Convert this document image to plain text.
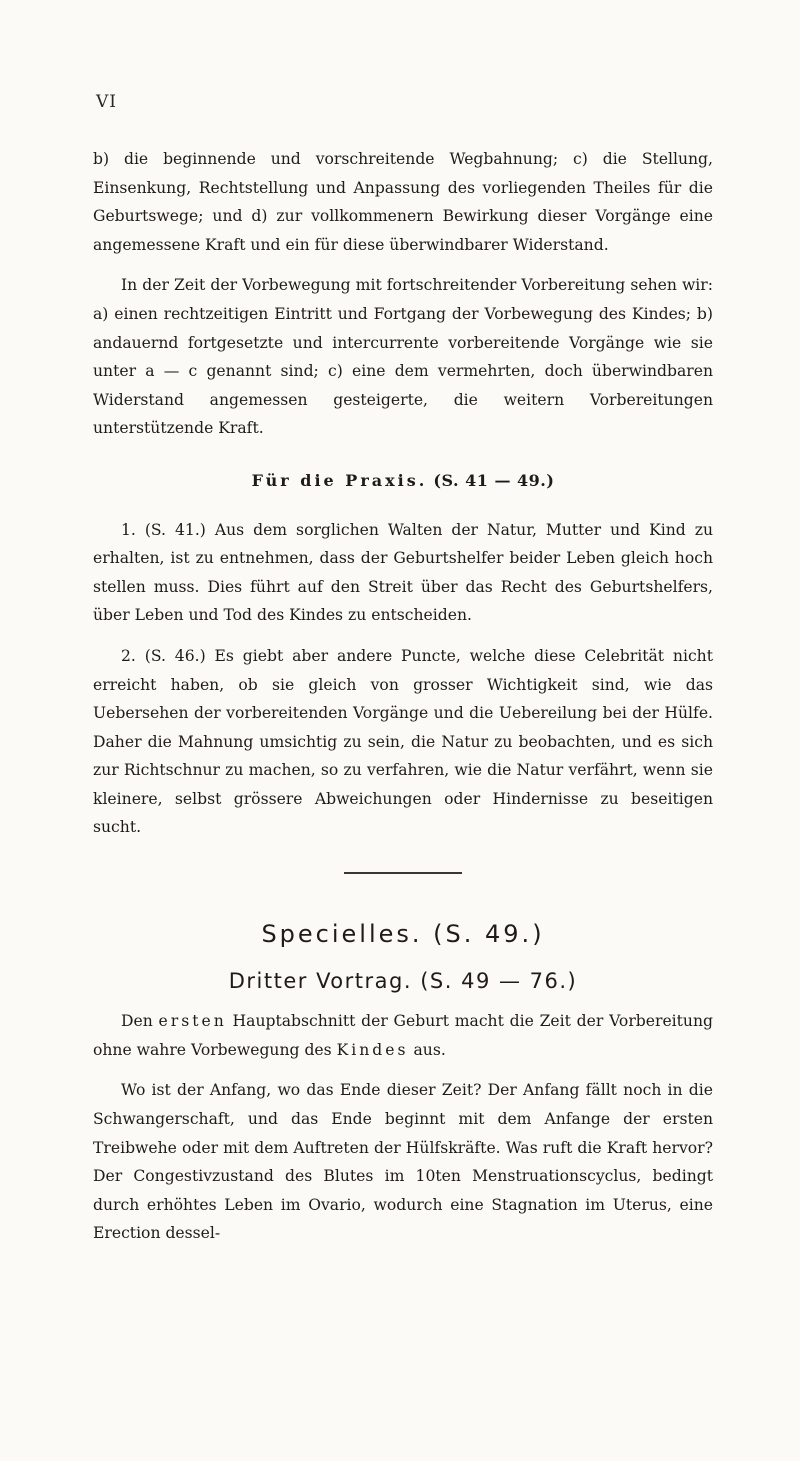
VI

b) die beginnende und vorschreitende Wegbahnung; c) die Stellung, Einsenkung, Rechtstellung und Anpassung des vorliegenden Theiles für die Geburtswege; und d) zur vollkommenern Bewirkung dieser Vorgänge eine angemessene Kraft und ein für diese überwindbarer Widerstand.

In der Zeit der Vorbewegung mit fortschreitender Vorbereitung sehen wir: a) einen rechtzeitigen Eintritt und Fortgang der Vorbewegung des Kindes; b) andauernd fortgesetzte und intercurrente vorbereitende Vorgänge wie sie unter a — c genannt sind; c) eine dem vermehrten, doch überwindbaren Widerstand angemessen gesteigerte, die weitern Vorbereitungen unterstützende Kraft.

Für die Praxis. (S. 41 — 49.)

1. (S. 41.) Aus dem sorglichen Walten der Natur, Mutter und Kind zu erhalten, ist zu entnehmen, dass der Geburtshelfer beider Leben gleich hoch stellen muss. Dies führt auf den Streit über das Recht des Geburtshelfers, über Leben und Tod des Kindes zu entscheiden.

2. (S. 46.) Es giebt aber andere Puncte, welche diese Celebrität nicht erreicht haben, ob sie gleich von grosser Wichtigkeit sind, wie das Uebersehen der vorbereitenden Vorgänge und die Uebereilung bei der Hülfe. Daher die Mahnung umsichtig zu sein, die Natur zu beobachten, und es sich zur Richtschnur zu machen, so zu verfahren, wie die Natur verfährt, wenn sie kleinere, selbst grössere Abweichungen oder Hindernisse zu beseitigen sucht.

Specielles. (S. 49.)
Dritter Vortrag. (S. 49 — 76.)

Den ersten Hauptabschnitt der Geburt macht die Zeit der Vorbereitung ohne wahre Vorbewegung des Kindes aus.

Wo ist der Anfang, wo das Ende dieser Zeit? Der Anfang fällt noch in die Schwangerschaft, und das Ende beginnt mit dem Anfange der ersten Treibwehe oder mit dem Auftreten der Hülfskräfte. Was ruft die Kraft hervor? Der Congestivzustand des Blutes im 10ten Menstruationscyclus, bedingt durch erhöhtes Leben im Ovario, wodurch eine Stagnation im Uterus, eine Erection dessel-
